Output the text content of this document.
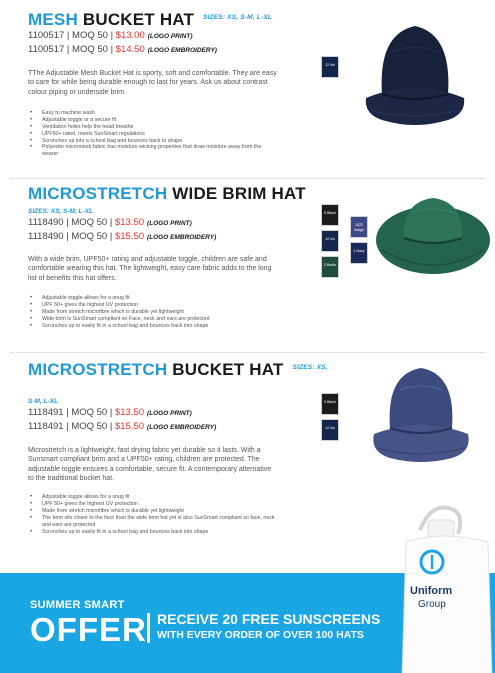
MESH BUCKET HAT $^{SIZES: XS, S-M, L-XL}$
1100517 | MOQ 50 | $13.00 (LOGO PRINT)
1100517 | MOQ 50 | $14.50 (LOGO EMBROIDERY)
TThe Adjustable Mesh Bucket Hat is sporty, soft and comfortable. They are easy to care for while being durable enough to last for years. Ask us about contrast colour piping or underside brim.
• Easy to machine wash
• Adjustable toggle or a secure fit
• Ventilation holes help the head breathe
• UPF50+ rated, meets SunSmart regulations
• Scrunches up into a school bag and bounces back to shape
• Polyester micromesh fabric has moisture wicking properties that draw moisture away from the wearer
12 Ink
MICROSTRETCH WIDE BRIM HAT
SIZES: XS, S-M, L-XL
1118490 | MOQ 50 | $13.50 (LOGO PRINT)
1118490 | MOQ 50 | $15.50 (LOGO EMBROIDERY)
With a wide brim, UPF50+ rating and adjustable toggle, children are safe and comfortable wearing this hat. The lightweight, easy care fabric adds to the long list of benefits this hat offers.
• Adjustable toggle allows for a snug fit
• UPF 50+ gives the highest UV protection
• Made from stretch microfibre which is durable yet lightweight
• Wide brim is SunSmart compliant so Face, neck and ears are protected
• Scrunches up to easily fit in a school bag and bounces back into shape
5 Black
12 Ink
3 Bottle
1022 Indigo
1 Navy
MICROSTRETCH BUCKET HAT $^{SIZES: XS,}$
S-M, L-XL
1118491 | MOQ 50 | $13.50 (LOGO PRINT)
1118491 | MOQ 50 | $15.50 (LOGO EMBROIDERY)
Microstretch is a lightweight, fast drying fabric yet durable so it lasts. With a Sunsmart compliant brim and a UPF50+ rating, children are protected. The adjustable toggle ensures a comfortable, secure fit. A contemporary alternative to the traditional bucket hat.
• Adjustable toggle allows for a snug fit
• UPF 50+ gives the highest UV protection
• Made from stretch microfibre which is durable yet lightweight
• The brim sits closer to the face than the wide brim hat yet is also SunSmart compliant so face, neck and ears are protected
• Scrunches up to easily fit in a school bag and bounces back into shape
5 Black
12 Ink
SUMMER SMART
OFFER RECEIVE 20 FREE SUNSCREENS
WITH EVERY ORDER OF OVER 100 HATS
Uniform
Group
